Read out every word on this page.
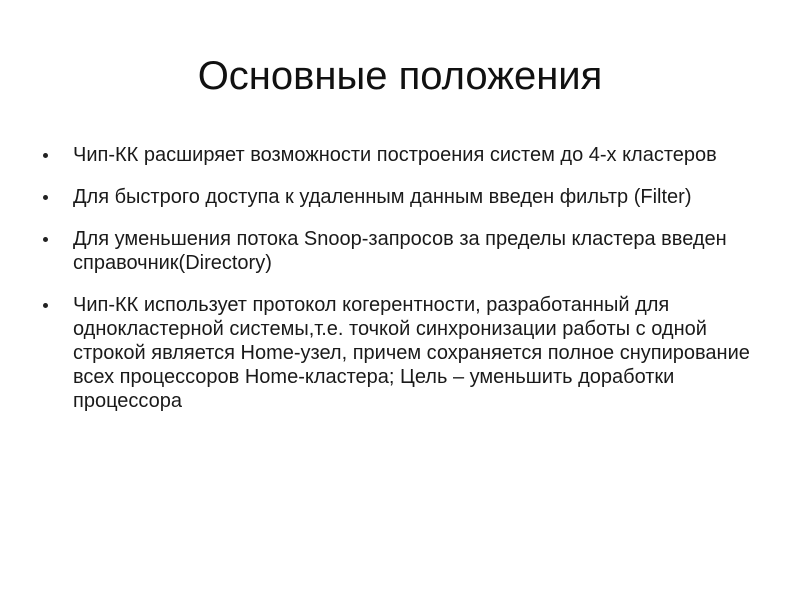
Основные положения
Чип-КК расширяет возможности построения систем до 4-х кластеров
Для быстрого доступа к удаленным данным введен фильтр (Filter)
Для уменьшения потока Snoop-запросов за пределы кластера введен справочник(Directory)
Чип-КК использует протокол когерентности, разработанный для однокластерной системы,т.е. точкой синхронизации работы с одной строкой является Home-узел, причем сохраняется полное снупирование всех процессоров Home-кластера; Цель – уменьшить доработки процессора
